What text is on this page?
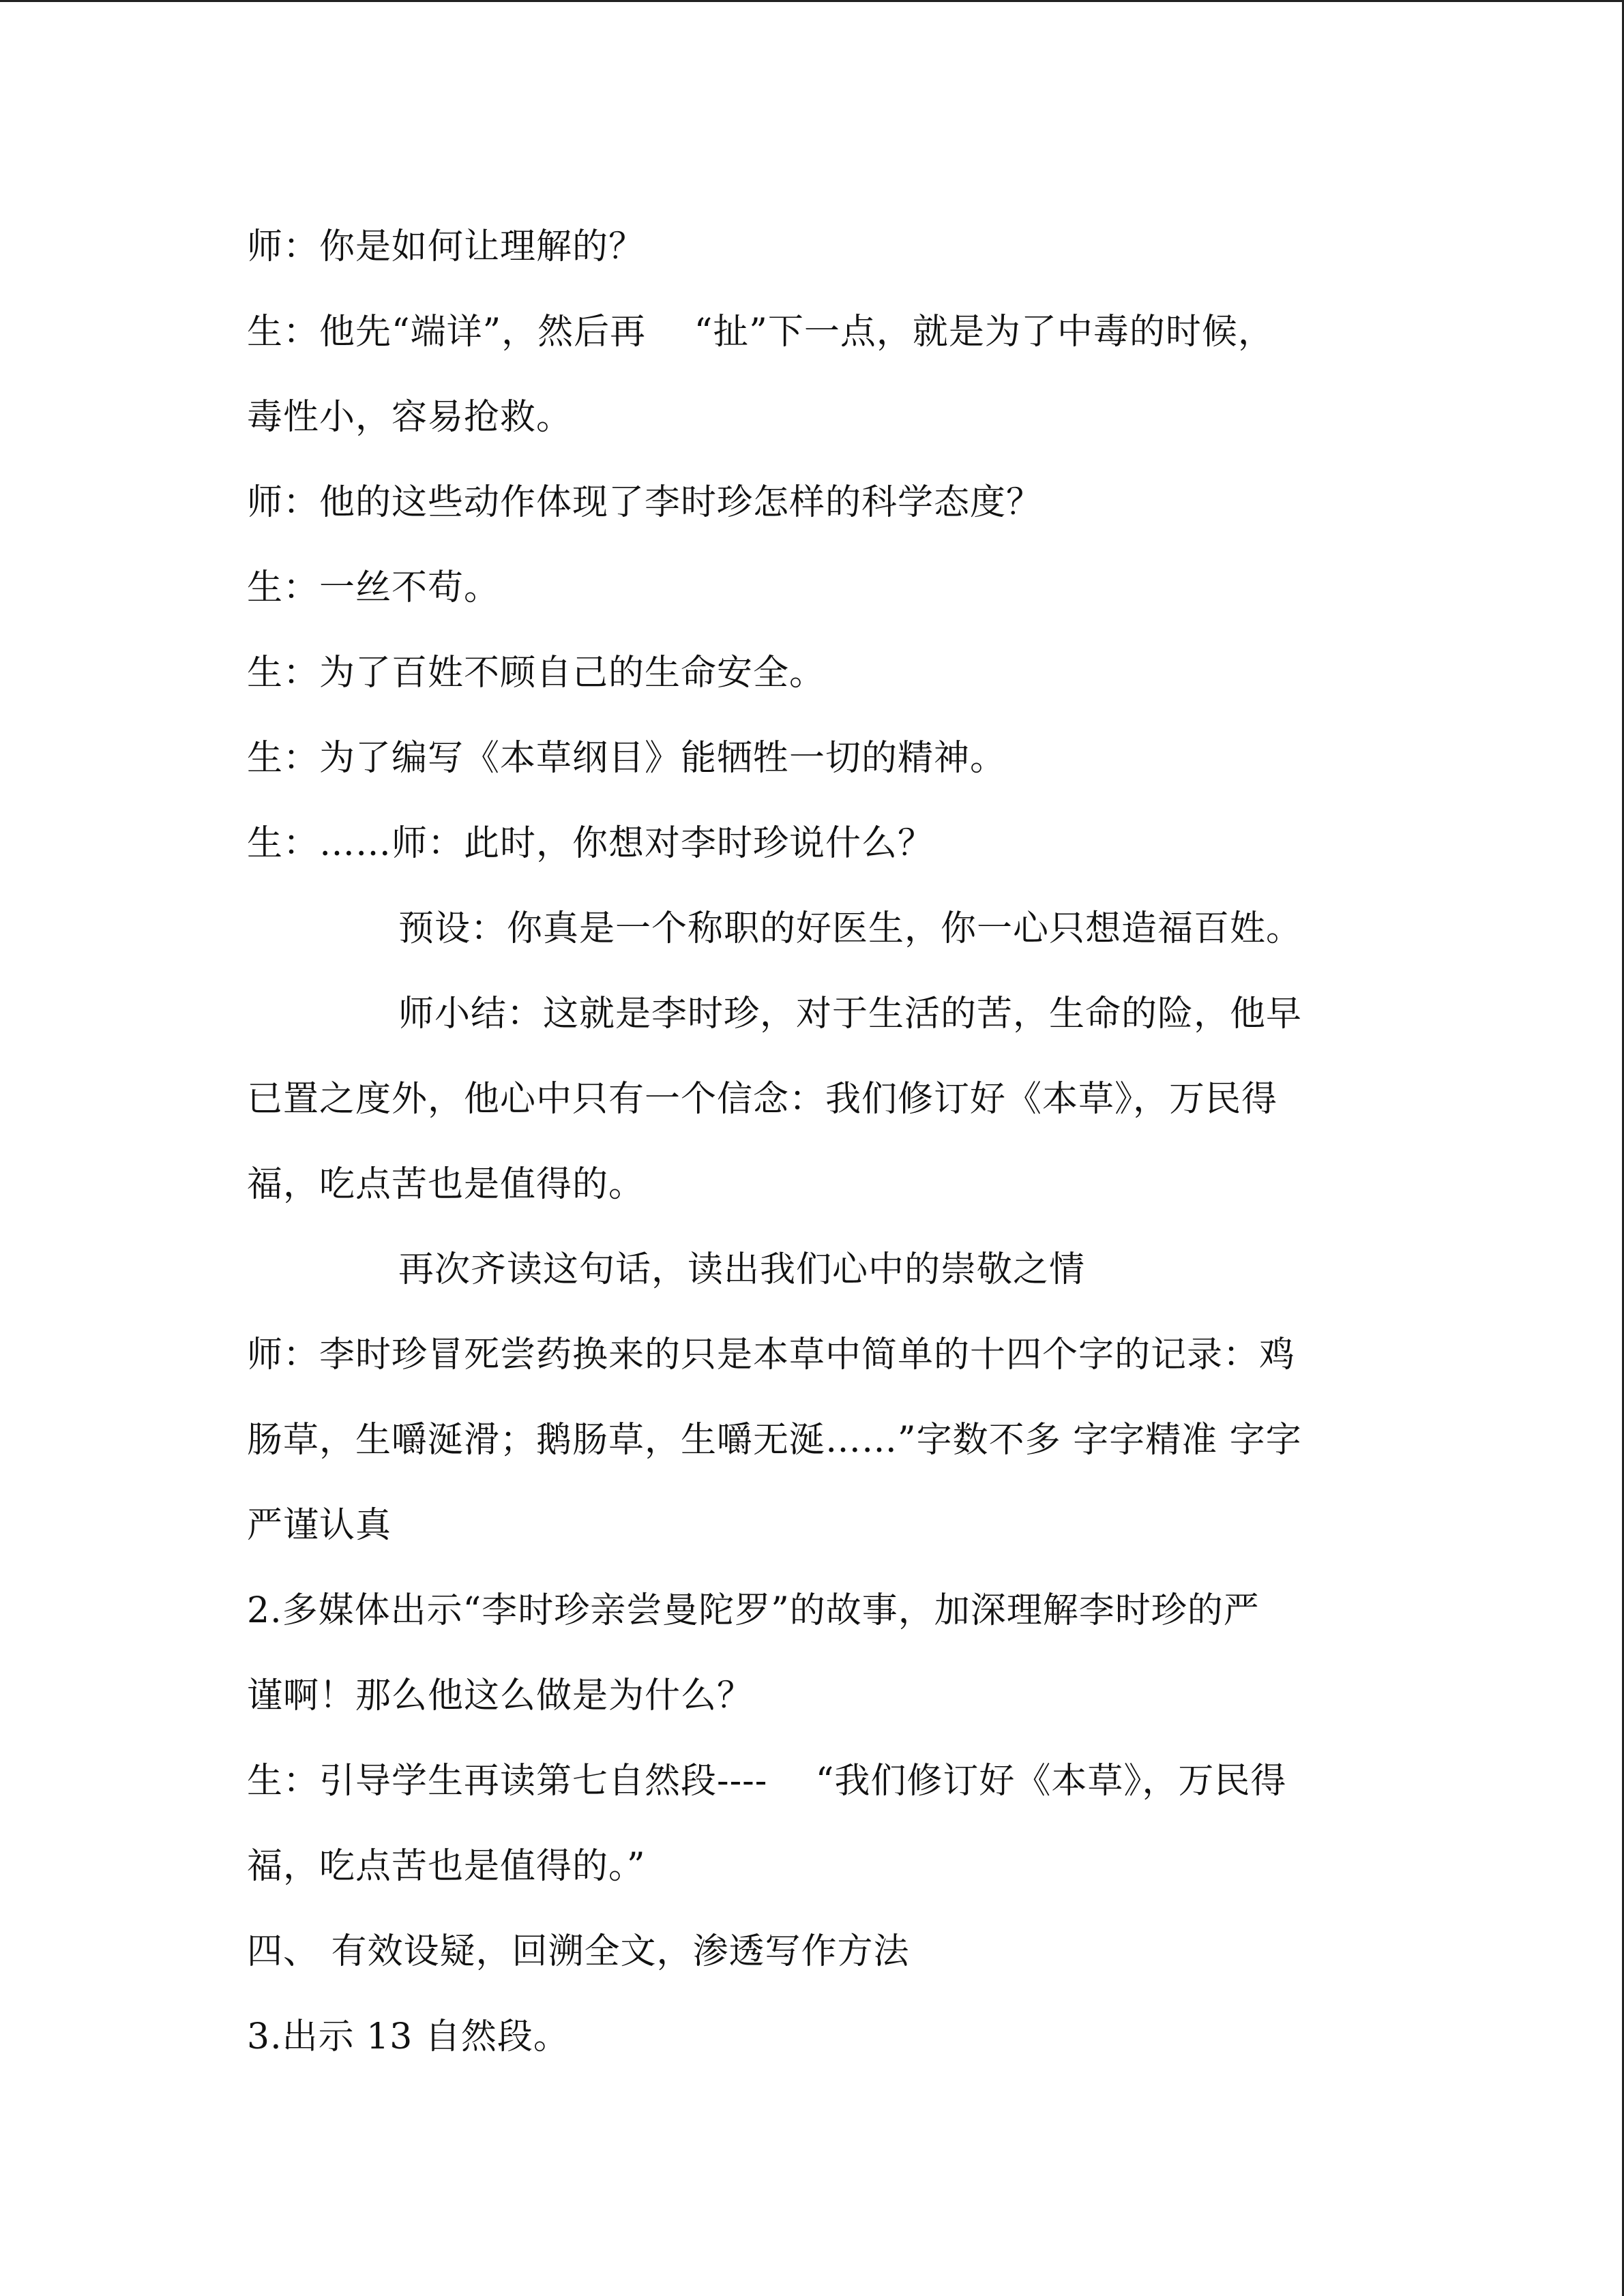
师：你是如何让理解的？
生：他先“端详”，然后再　 “扯”下一点，就是为了中毒的时候，
毒性小，容易抢救。
师：他的这些动作体现了李时珍怎样的科学态度？
生：一丝不苟。
生：为了百姓不顾自己的生命安全。
生：为了编写《本草纲目》能牺牲一切的精神。
生：……师：此时，你想对李时珍说什么？
预设：你真是一个称职的好医生，你一心只想造福百姓。
师小结：这就是李时珍，对于生活的苦，生命的险，他早
已置之度外，他心中只有一个信念：我们修订好《本草》，万民得
福，吃点苦也是值得的。
再次齐读这句话，读出我们心中的崇敬之情
师：李时珍冒死尝药换来的只是本草中简单的十四个字的记录：鸡
肠草，生嚼涎滑；鹅肠草，生嚼无涎……”字数不多 字字精准 字字
严谨认真
2.多媒体出示“李时珍亲尝曼陀罗”的故事，加深理解李时珍的严
谨啊！那么他这么做是为什么？
生：引导学生再读第七自然段----　 “我们修订好《本草》，万民得
福，吃点苦也是值得的。”
四、 有效设疑，回溯全文，渗透写作方法
3.出示 13 自然段。
